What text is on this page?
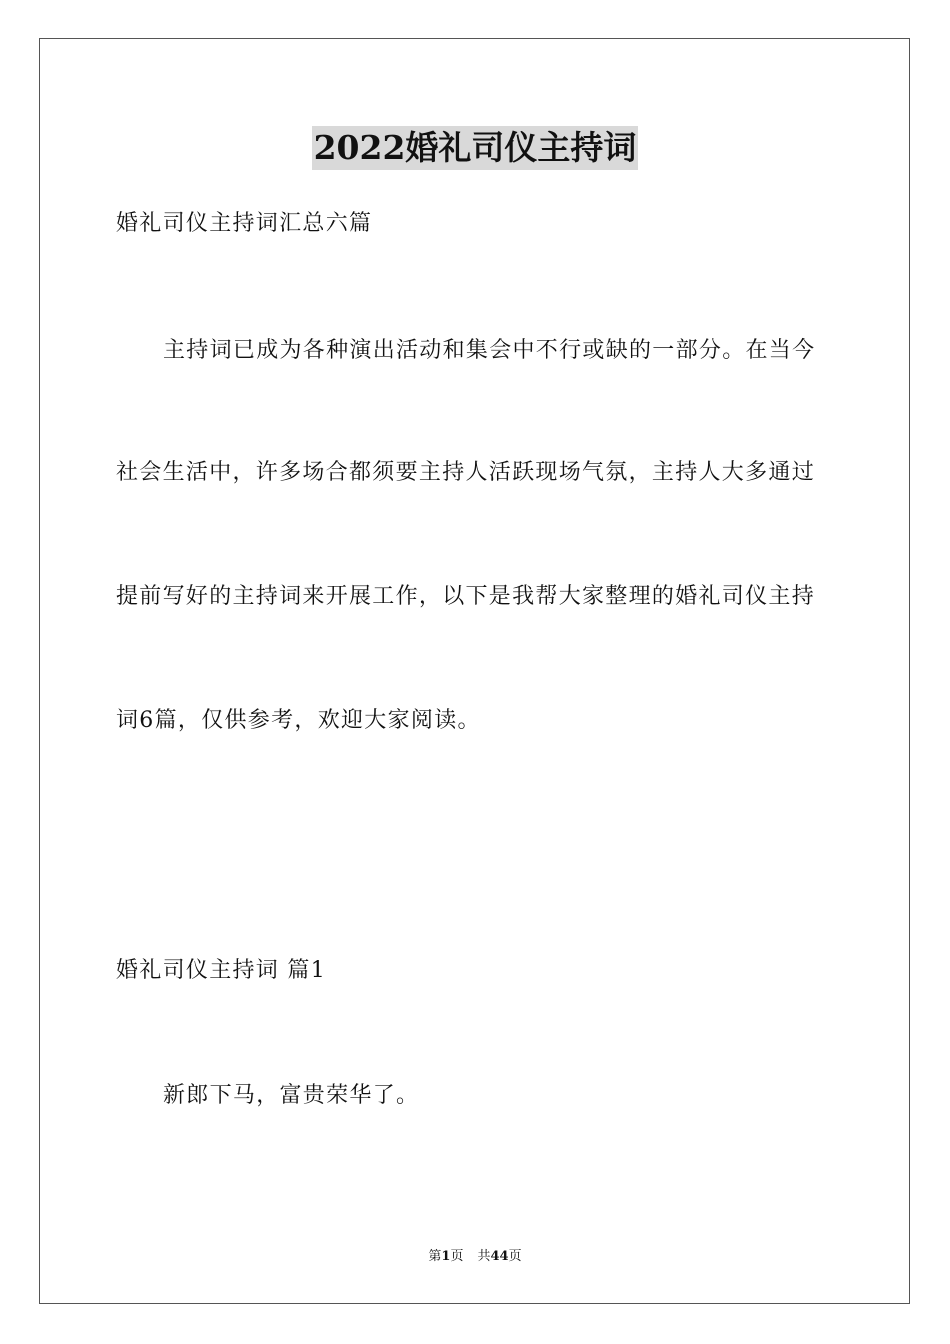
2022婚礼司仪主持词
婚礼司仪主持词汇总六篇
主持词已成为各种演出活动和集会中不行或缺的一部分。在当今
社会生活中，许多场合都须要主持人活跃现场气氛，主持人大多通过
提前写好的主持词来开展工作，以下是我帮大家整理的婚礼司仪主持
词6篇，仅供参考，欢迎大家阅读。
婚礼司仪主持词 篇1
新郎下马，富贵荣华了。
第1页 共44页
